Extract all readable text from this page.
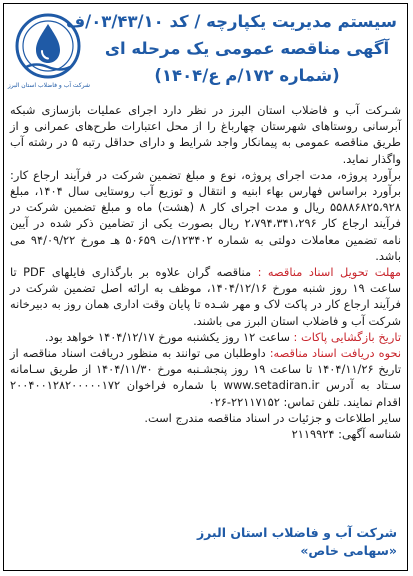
شرکت آب و فاضلاب استان البرز
سیستم مدیریت یکپارچه / کد ۰۳/۴۳/۱۰/ف
آگهی مناقصه عمومی یک مرحله ای
(شماره ۱۷۲/م ع/۱۴۰۴)

شـرکت آب و فاضلاب استان البرز در نظر دارد اجرای عملیات بازسازی شبکه آبرسانی روستاهای شهرستان چهارباغ را از محل اعتبارات طرح‌های عمرانی و از طریق مناقصه عمومی به پیمانکار واجد شرایط و دارای حداقل رتبه ۵ در رشته آب واگذار نماید.

برآورد پروژه، مدت اجرای پروژه، نوع و مبلغ تضمین شرکت در فرآیند ارجاع کار: برآورد براساس فهارس بهاء ابنیه و انتقال و توزیع آب روستایی سال ۱۴۰۴، مبلغ ۵۵۸۸۶۸۲۵،۹۲۸ ریال و مدت اجرای کار ۸ (هشت) ماه و مبلغ تضمین شرکت در فرآیند ارجاع کار ۲،۷۹۴،۳۴۱،۲۹۶ ریال بصورت یکی از تضامین ذکر شده در آیین نامه تضمین معاملات دولتی به شماره ۱۲۳۴۰۲/ت ۵۰۶۵۹ هـ مورخ ۹۴/۰۹/۲۲ می باشد.

مهلت تحویل اسناد مناقصه : مناقصه گران علاوه بر بارگذاری فایلهای PDF تا ساعت ۱۹ روز شنبه مورخ ۱۴۰۴/۱۲/۱۶، موظف به ارائه اصل تضمین شرکت در فرآیند ارجاع کار در پاکت لاک و مهر شـده تا پایان وقت اداری همان روز به دبیرخانه شرکت آب و فاضلاب استان البرز می باشند.

تاریخ بازگشایی پاکات : ساعت ۱۲ روز یکشنبه مورخ ۱۴۰۴/۱۲/۱۷ خواهد بود.

نحوه دریافت اسناد مناقصه: داوطلبان می توانند به منظور دریافت اسناد مناقصه از تاریخ ۱۴۰۴/۱۱/۲۶ تا ساعت ۱۹ روز پنجشـنبه مورخ ۱۴۰۴/۱۱/۳۰ از طریق سـامانه سـتاد به آدرس www.setadiran.ir با شماره فراخوان ۲۰۰۴۰۰۱۲۸۲۰۰۰۰۰۱۷۲ اقدام نمایند. تلفن تماس: ۲۲۱۱۷۱۵۲-۰۲۶

سایر اطلاعات و جزئیات در اسناد مناقصه مندرج است.

شناسه آگهی: ۲۱۱۹۹۲۴

شرکت آب و فاضلاب استان البرز
«سهامی خاص»
